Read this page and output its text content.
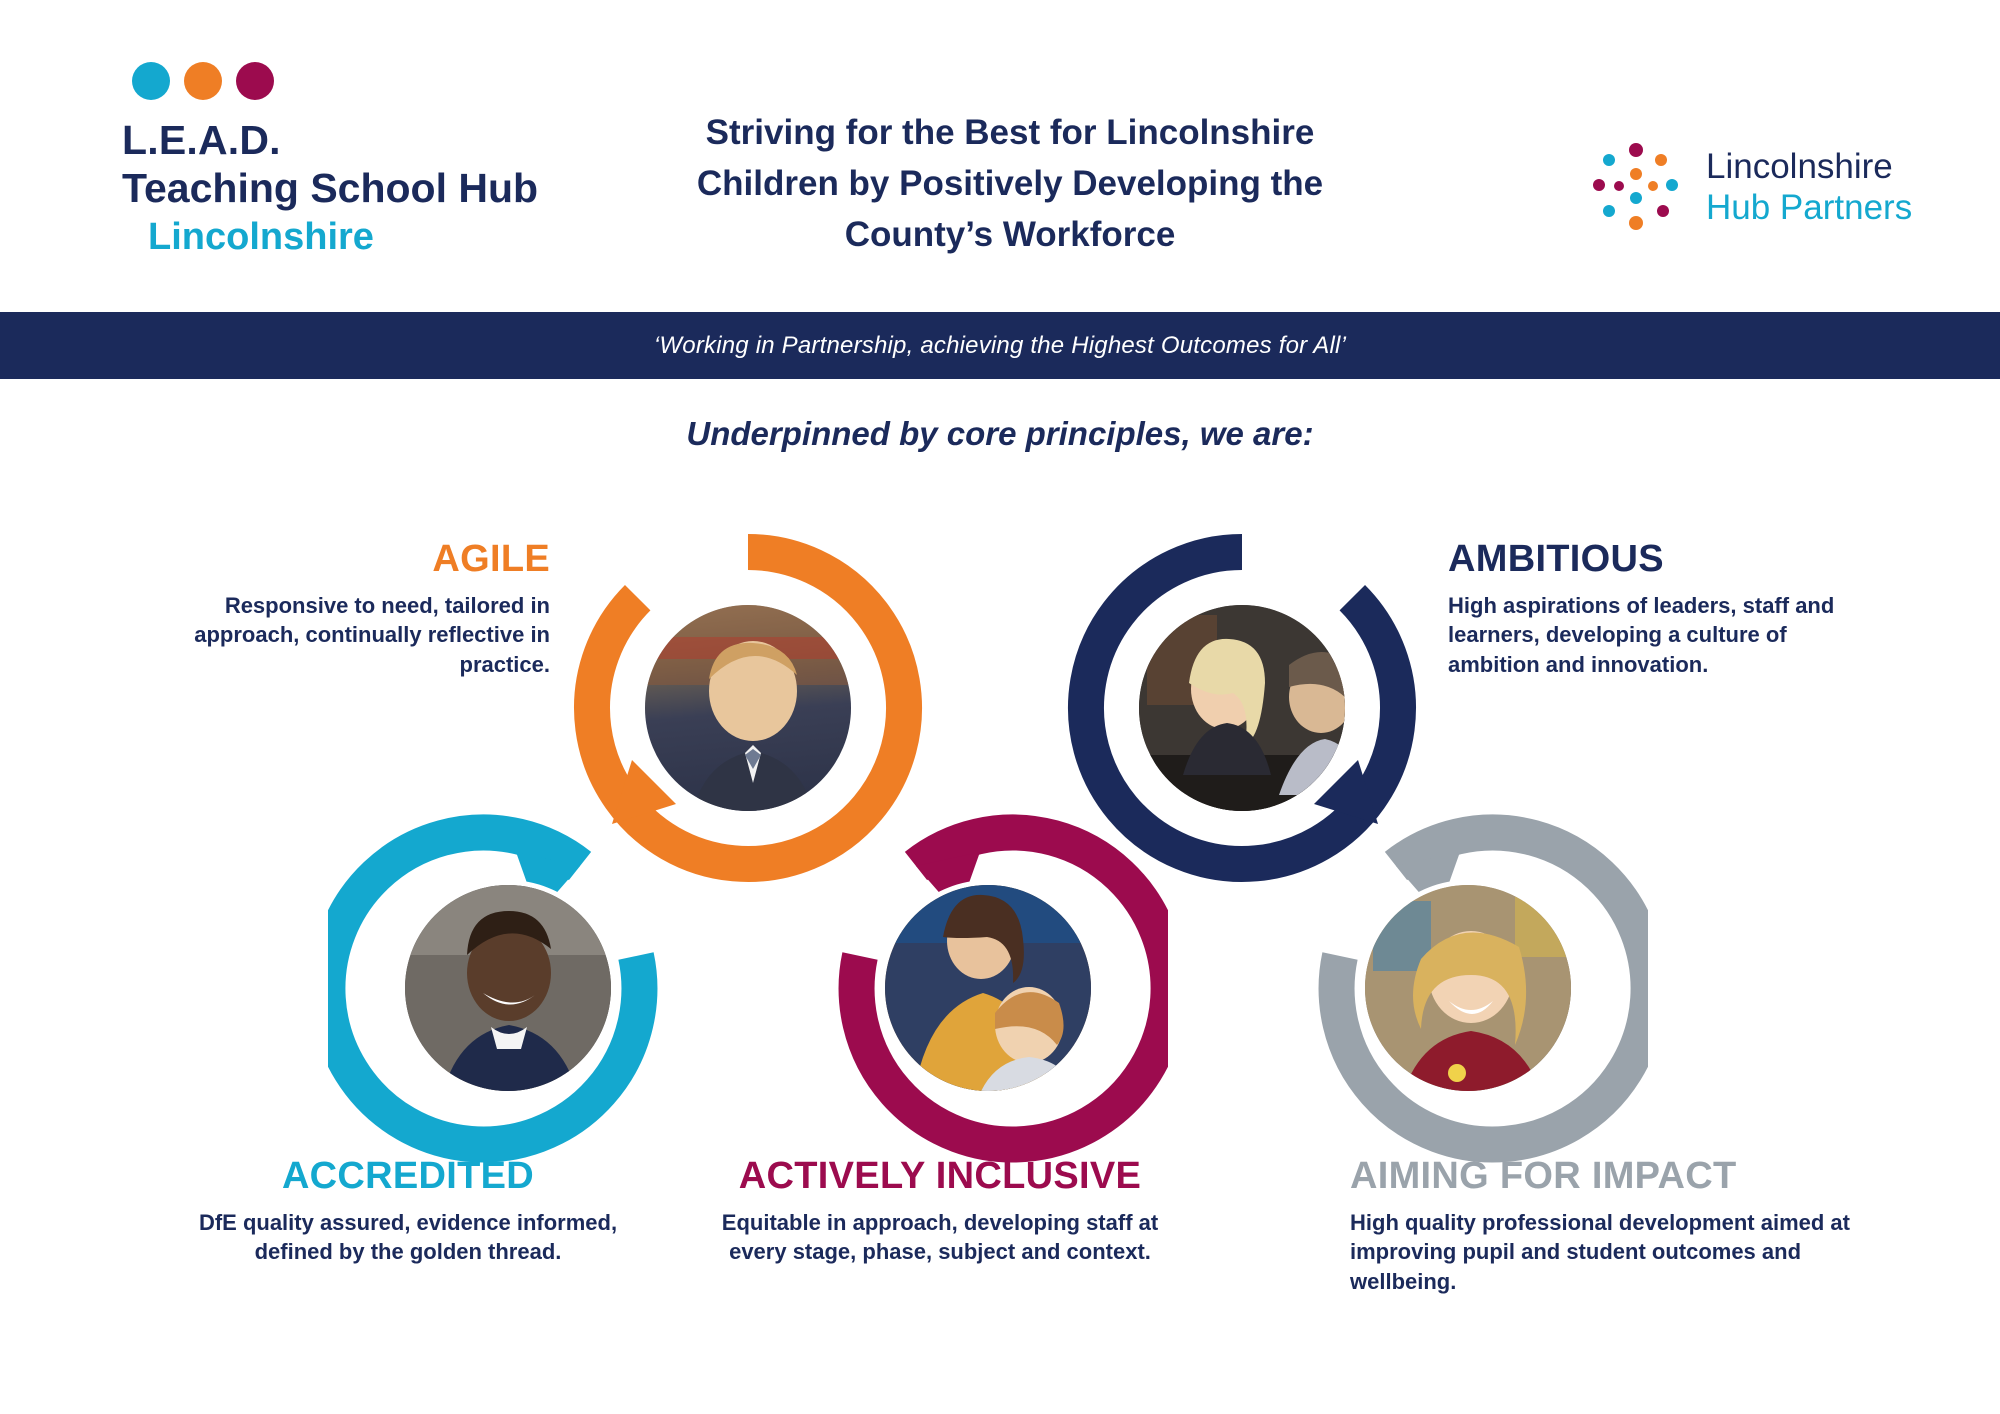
L.E.A.D.
Teaching School Hub
Lincolnshire
Striving for the Best for Lincolnshire Children by Positively Developing the County’s Workforce
Lincolnshire
Hub Partners
‘Working in Partnership, achieving the Highest Outcomes for All’
Underpinned by core principles, we are:
AGILE
Responsive to need, tailored in approach, continually reflective in practice.
AMBITIOUS
High aspirations of leaders, staff and learners, developing a culture of ambition and innovation.
ACCREDITED
DfE quality assured, evidence informed, defined by the golden thread.
ACTIVELY INCLUSIVE
Equitable in approach, developing staff at every stage, phase, subject and context.
AIMING FOR IMPACT
High quality professional development aimed at improving pupil and student outcomes and wellbeing.
